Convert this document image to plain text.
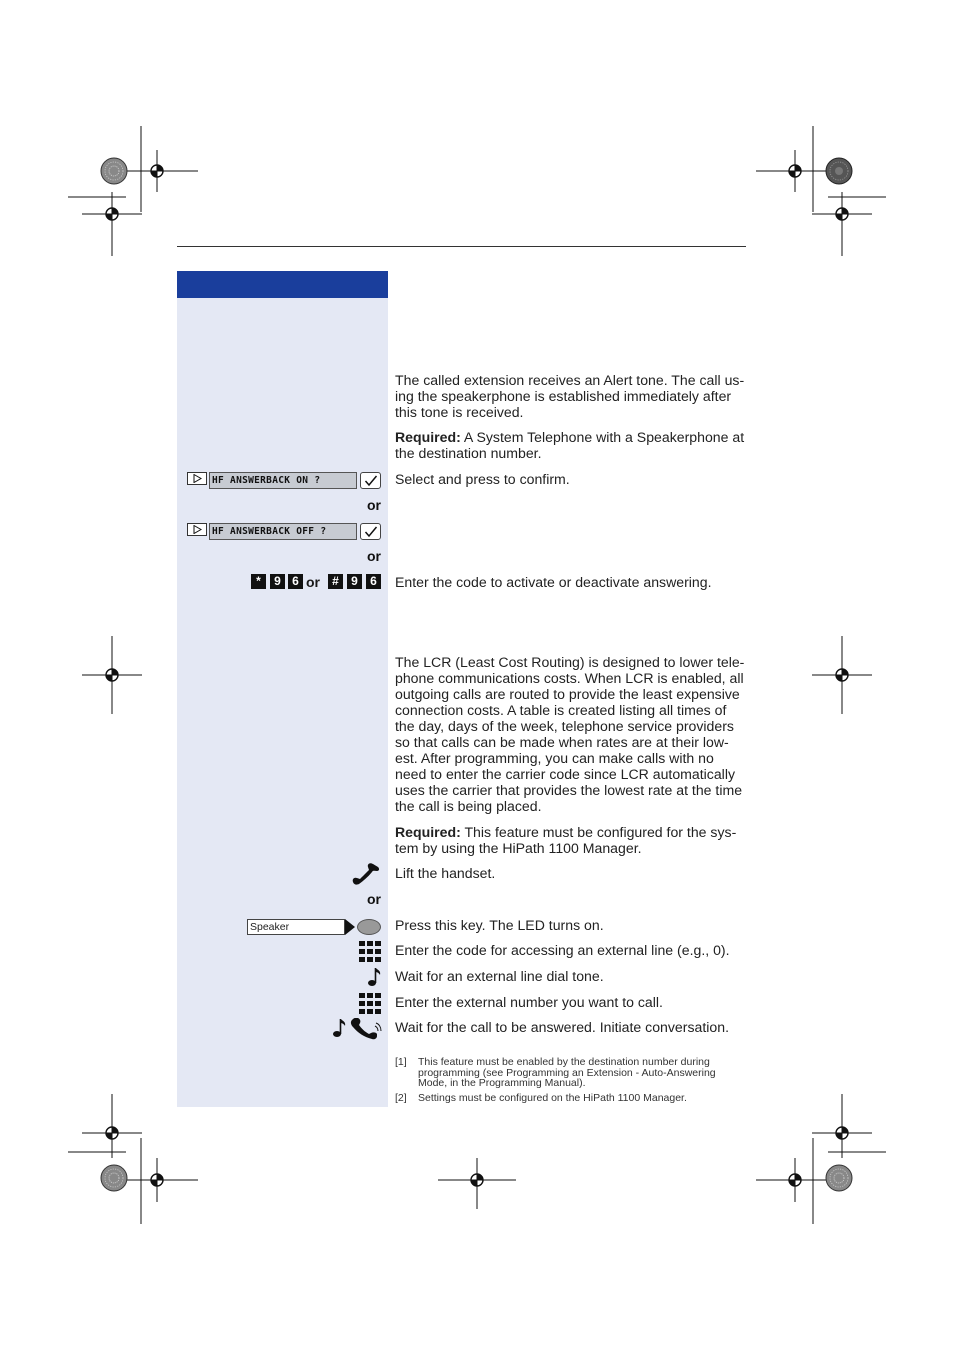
The called extension receives an Alert tone. The call us-
ing the speakerphone is established immediately after
this tone is received.
Required: A System Telephone with a Speakerphone at
the destination number.
HF ANSWERBACK ON ?	Select and press to confirm.
or
HF ANSWERBACK OFF ?
or
*	9 6 or	#	9	6 Enter the code to activate or deactivate answering.
The LCR (Least Cost Routing) is designed to lower tele-
phone communications costs. When LCR is enabled, all
outgoing calls are routed to provide the least expensive
connection costs. A table is created listing all times of
the day, days of the week, telephone service providers
so that calls can be made when rates are at their low-
est. After programming, you can make calls with no
need to enter the carrier code since LCR automatically
uses the carrier that provides the lowest rate at the time
the call is being placed.
Required: This feature must be configured for the sys-
tem by using the HiPath 1100 Manager.
Lift the handset.
or
Speaker	Press this key. The LED turns on.
Enter the code for accessing an external line (e.g., 0).
Wait for an external line dial tone.
Enter the external number you want to call.
Wait for the call to be answered. Initiate conversation.
[1] This feature must be enabled by the destination number during
programming (see Programming an Extension - Auto-Answering
Mode, in the Programming Manual).
[2] Settings must be configured on the HiPath 1100 Manager.
